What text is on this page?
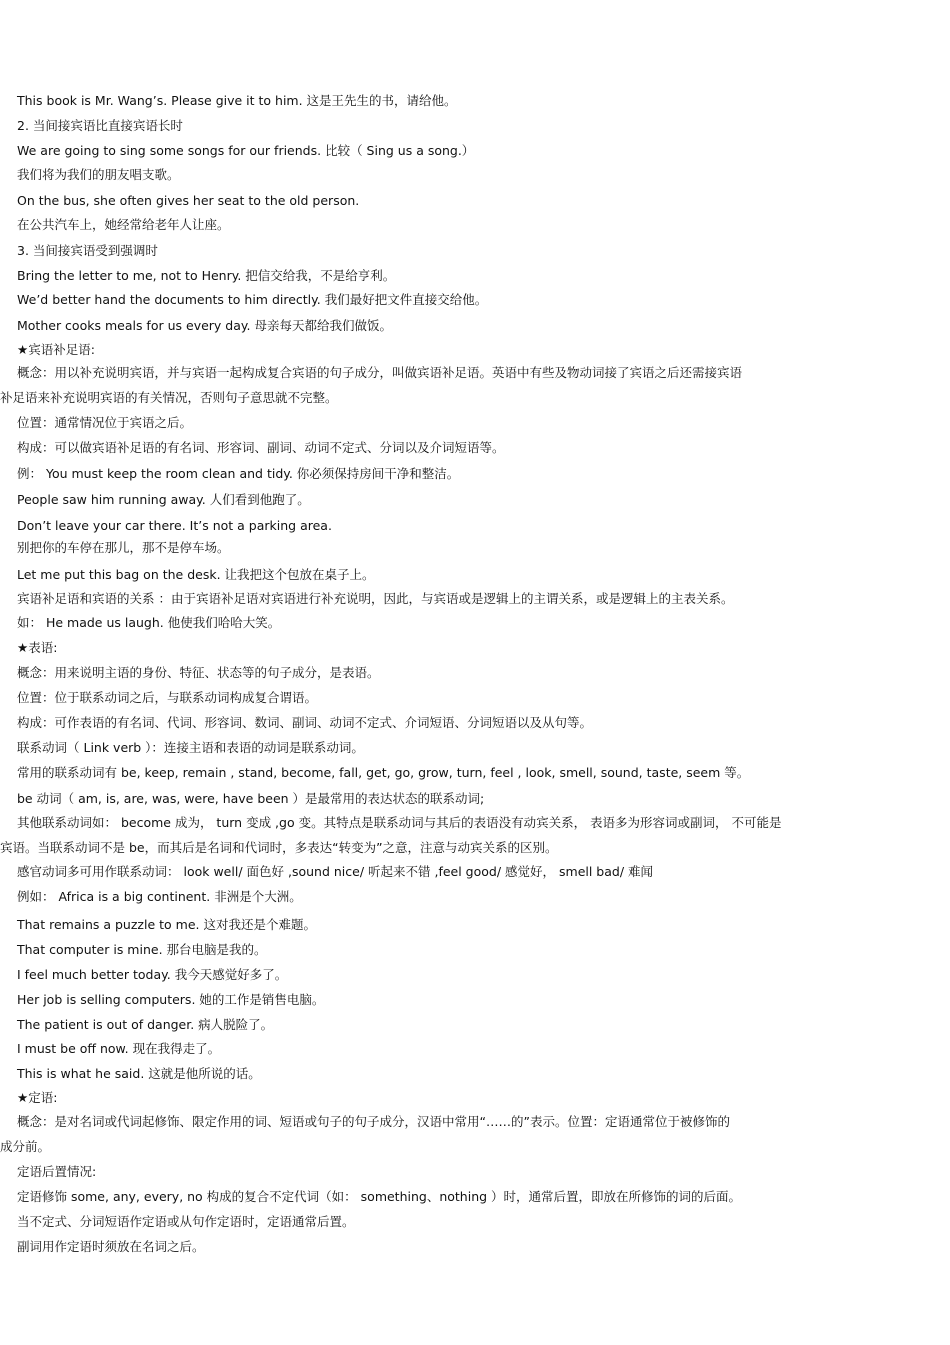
This book is Mr. Wang’s. Please give it to him. 这是王先生的书，请给他。
2. 当间接宾语比直接宾语长时
We are going to sing some songs for our friends. 比较（ Sing us a song.）
我们将为我们的朋友唱支歌。
On the bus, she often gives her seat to the old person.
在公共汽车上，她经常给老年人让座。
3. 当间接宾语受到强调时
Bring the letter to me, not to Henry. 把信交给我，不是给亨利。
We’d better hand the documents to him directly. 我们最好把文件直接交给他。
Mother cooks meals for us every day. 母亲每天都给我们做饭。
★宾语补足语:
概念：用以补充说明宾语，并与宾语一起构成复合宾语的句子成分，叫做宾语补足语。英语中有些及物动词接了宾语之后还需接宾语
补足语来补充说明宾语的有关情况，否则句子意思就不完整。
位置：通常情况位于宾语之后。
构成：可以做宾语补足语的有名词、形容词、副词、动词不定式、分词以及介词短语等。
例： You must keep the room clean and tidy. 你必须保持房间干净和整洁。
People saw him running away. 人们看到他跑了。
Don’t leave your car there. It’s not a parking area.
别把你的车停在那儿，那不是停车场。
Let me put this bag on the desk. 让我把这个包放在桌子上。
宾语补足语和宾语的关系 ：由于宾语补足语对宾语进行补充说明，因此，与宾语或是逻辑上的主谓关系，或是逻辑上的主表关系。
如： He made us laugh. 他使我们哈哈大笑。
★表语:
概念：用来说明主语的身份、特征、状态等的句子成分，是表语。
位置：位于联系动词之后，与联系动词构成复合谓语。
构成：可作表语的有名词、代词、形容词、数词、副词、动词不定式、介词短语、分词短语以及从句等。
联系动词（ Link verb ）：连接主语和表语的动词是联系动词。
常用的联系动词有 be, keep, remain , stand, become, fall, get, go, grow, turn, feel , look, smell, sound, taste, seem 等。
be 动词（ am, is, are, was, were, have been ）是最常用的表达状态的联系动词;
其他联系动词如： become 成为， turn 变成 ,go 变。其特点是联系动词与其后的表语没有动宾关系， 表语多为形容词或副词， 不可能是
宾语。当联系动词不是 be，而其后是名词和代词时，多表达“转变为”之意，注意与动宾关系的区别。
感官动词多可用作联系动词： look well/ 面色好 ,sound nice/ 听起来不错 ,feel good/ 感觉好， smell bad/ 难闻
例如： Africa is a big continent. 非洲是个大洲。
That remains a puzzle to me. 这对我还是个难题。
That computer is mine. 那台电脑是我的。
I feel much better today. 我今天感觉好多了。
Her job is selling computers. 她的工作是销售电脑。
The patient is out of danger. 病人脱险了。
I must be off now. 现在我得走了。
This is what he said. 这就是他所说的话。
★定语:
概念：是对名词或代词起修饰、限定作用的词、短语或句子的句子成分，汉语中常用“……的”表示。位置：定语通常位于被修饰的
成分前。
定语后置情况:
定语修饰 some, any, every, no 构成的复合不定代词（如： something、nothing ）时，通常后置，即放在所修饰的词的后面。
当不定式、分词短语作定语或从句作定语时，定语通常后置。
副词用作定语时须放在名词之后。
